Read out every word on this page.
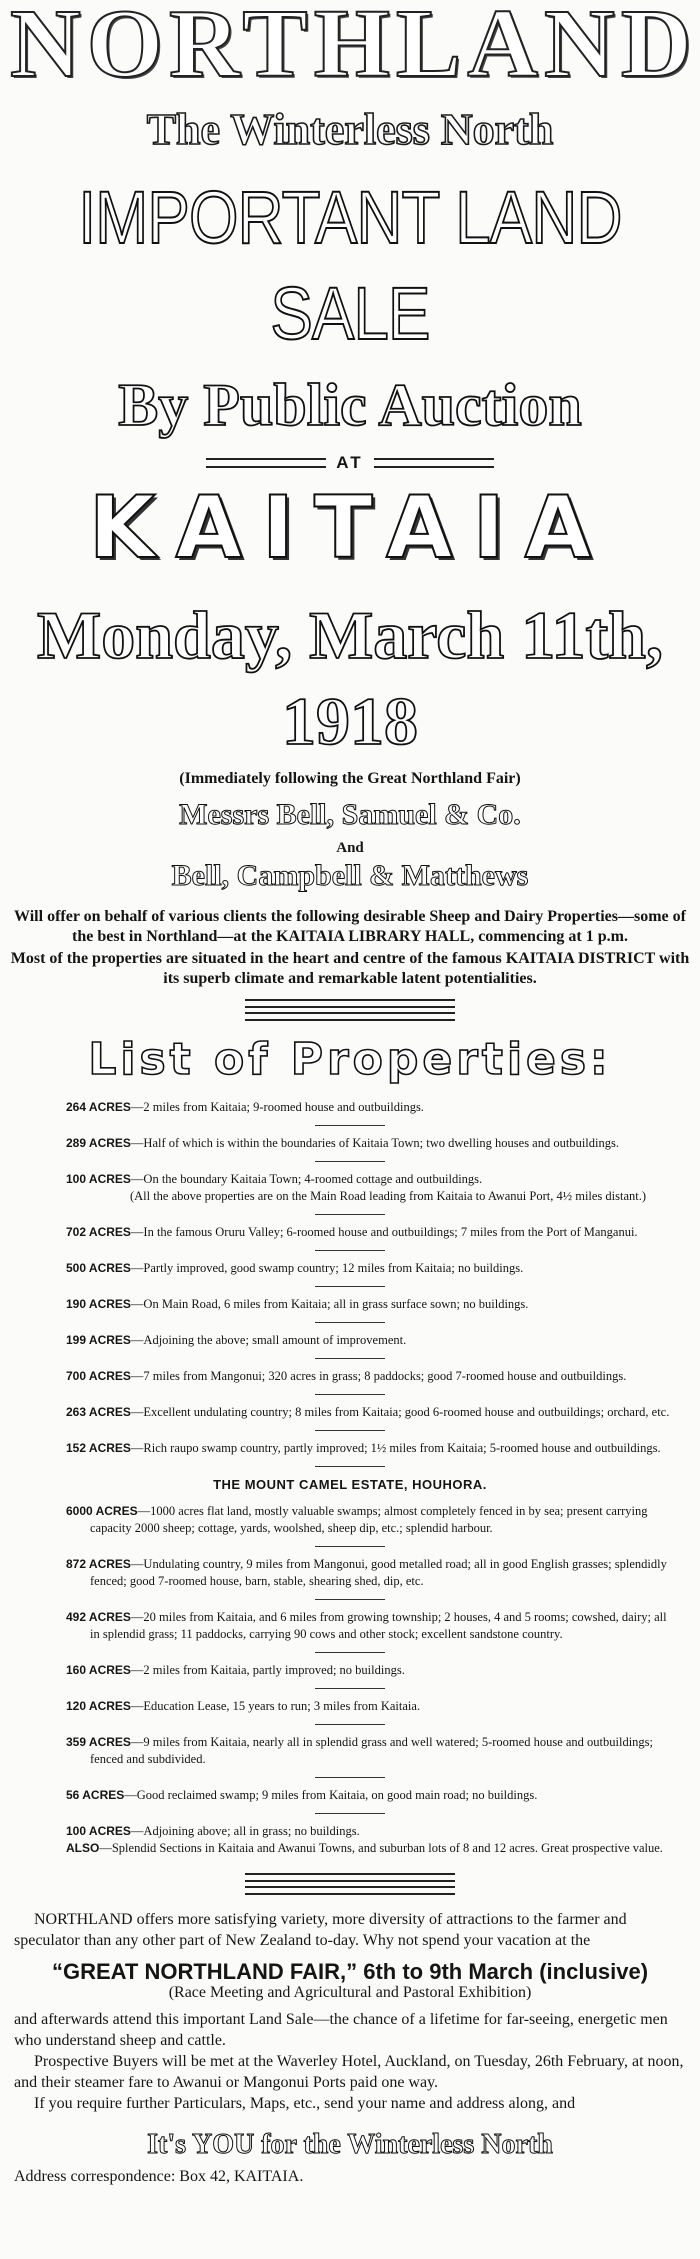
NORTHLAND
The Winterless North
IMPORTANT LAND SALE
By Public Auction
AT
KAITAIA
Monday, March 11th, 1918
(Immediately following the Great Northland Fair)
Messrs Bell, Samuel & Co.
And
Bell, Campbell & Matthews
Will offer on behalf of various clients the following desirable Sheep and Dairy Properties—some of the best in Northland—at the KAITAIA LIBRARY HALL, commencing at 1 p.m.
Most of the properties are situated in the heart and centre of the famous KAITAIA DISTRICT with its superb climate and remarkable latent potentialities.
List of Properties:
264 ACRES—2 miles from Kaitaia; 9-roomed house and outbuildings.
289 ACRES—Half of which is within the boundaries of Kaitaia Town; two dwelling houses and outbuildings.
100 ACRES—On the boundary Kaitaia Town; 4-roomed cottage and outbuildings.
(All the above properties are on the Main Road leading from Kaitaia to Awanui Port, 4½ miles distant.)
702 ACRES—In the famous Oruru Valley; 6-roomed house and outbuildings; 7 miles from the Port of Manganui.
500 ACRES—Partly improved, good swamp country; 12 miles from Kaitaia; no buildings.
190 ACRES—On Main Road, 6 miles from Kaitaia; all in grass surface sown; no buildings.
199 ACRES—Adjoining the above; small amount of improvement.
700 ACRES—7 miles from Mangonui; 320 acres in grass; 8 paddocks; good 7-roomed house and outbuildings.
263 ACRES—Excellent undulating country; 8 miles from Kaitaia; good 6-roomed house and outbuildings; orchard, etc.
152 ACRES—Rich raupo swamp country, partly improved; 1½ miles from Kaitaia; 5-roomed house and outbuildings.
THE MOUNT CAMEL ESTATE, HOUHORA.
6000 ACRES—1000 acres flat land, mostly valuable swamps; almost completely fenced in by sea; present carrying capacity 2000 sheep; cottage, yards, woolshed, sheep dip, etc.; splendid harbour.
872 ACRES—Undulating country, 9 miles from Mangonui, good metalled road; all in good English grasses; splendidly fenced; good 7-roomed house, barn, stable, shearing shed, dip, etc.
492 ACRES—20 miles from Kaitaia, and 6 miles from growing township; 2 houses, 4 and 5 rooms; cowshed, dairy; all in splendid grass; 11 paddocks, carrying 90 cows and other stock; excellent sandstone country.
160 ACRES—2 miles from Kaitaia, partly improved; no buildings.
120 ACRES—Education Lease, 15 years to run; 3 miles from Kaitaia.
359 ACRES—9 miles from Kaitaia, nearly all in splendid grass and well watered; 5-roomed house and outbuildings; fenced and subdivided.
56 ACRES—Good reclaimed swamp; 9 miles from Kaitaia, on good main road; no buildings.
100 ACRES—Adjoining above; all in grass; no buildings.
ALSO—Splendid Sections in Kaitaia and Awanui Towns, and suburban lots of 8 and 12 acres. Great prospective value.

NORTHLAND offers more satisfying variety, more diversity of attractions to the farmer and speculator than any other part of New Zealand to-day. Why not spend your vacation at the

“GREAT NORTHLAND FAIR,” 6th to 9th March (inclusive)
(Race Meeting and Agricultural and Pastoral Exhibition)

and afterwards attend this important Land Sale—the chance of a lifetime for far-seeing, energetic men who understand sheep and cattle.

Prospective Buyers will be met at the Waverley Hotel, Auckland, on Tuesday, 26th February, at noon, and their steamer fare to Awanui or Mangonui Ports paid one way.

If you require further Particulars, Maps, etc., send your name and address along, and

It's YOU for the Winterless North

Address correspondence: Box 42, KAITAIA.
